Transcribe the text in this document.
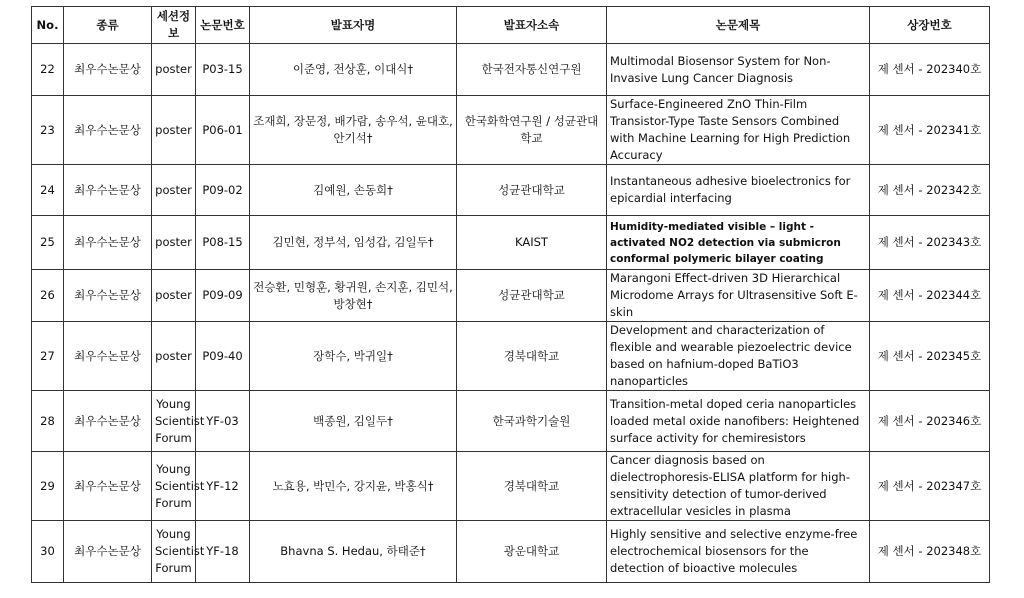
No.	종류	세션정보	논문번호	발표자명	발표자소속	논문제목	상장번호
22	최우수논문상	poster	P03-15	이준영, 전상훈, 이대식†	한국전자통신연구원	Multimodal Biosensor System for Non-Invasive Lung Cancer Diagnosis	제 센서 - 202340호
23	최우수논문상	poster	P06-01	조재희, 장문정, 배가람, 송우석, 윤대호, 안기석†	한국화학연구원 / 성균관대학교	Surface-Engineered ZnO Thin-Film Transistor-Type Taste Sensors Combined with Machine Learning for High Prediction Accuracy	제 센서 - 202341호
24	최우수논문상	poster	P09-02	김예원, 손동희†	성균관대학교	Instantaneous adhesive bioelectronics for epicardial interfacing	제 센서 - 202342호
25	최우수논문상	poster	P08-15	김민현, 정부석, 임성갑, 김일두†	KAIST	Humidity-mediated visible – light - activated NO2 detection via submicron conformal polymeric bilayer coating	제 센서 - 202343호
26	최우수논문상	poster	P09-09	전승환, 민형훈, 황귀원, 손지훈, 김민석, 방창현†	성균관대학교	Marangoni Effect-driven 3D Hierarchical Microdome Arrays for Ultrasensitive Soft E-skin	제 센서 - 202344호
27	최우수논문상	poster	P09-40	장학수, 박귀일†	경북대학교	Development and characterization of flexible and wearable piezoelectric device based on hafnium-doped BaTiO3 nanoparticles	제 센서 - 202345호
28	최우수논문상	Young Scientist Forum	YF-03	백종원, 김일두†	한국과학기술원	Transition-metal doped ceria nanoparticles loaded metal oxide nanofibers: Heightened surface activity for chemiresistors	제 센서 - 202346호
29	최우수논문상	Young Scientist Forum	YF-12	노효용, 박민수, 강지윤, 박홍식†	경북대학교	Cancer diagnosis based on dielectrophoresis-ELISA platform for high-sensitivity detection of tumor-derived extracellular vesicles in plasma	제 센서 - 202347호
30	최우수논문상	Young Scientist Forum	YF-18	Bhavna S. Hedau, 하태준†	광운대학교	Highly sensitive and selective enzyme-free electrochemical biosensors for the detection of bioactive molecules	제 센서 - 202348호
